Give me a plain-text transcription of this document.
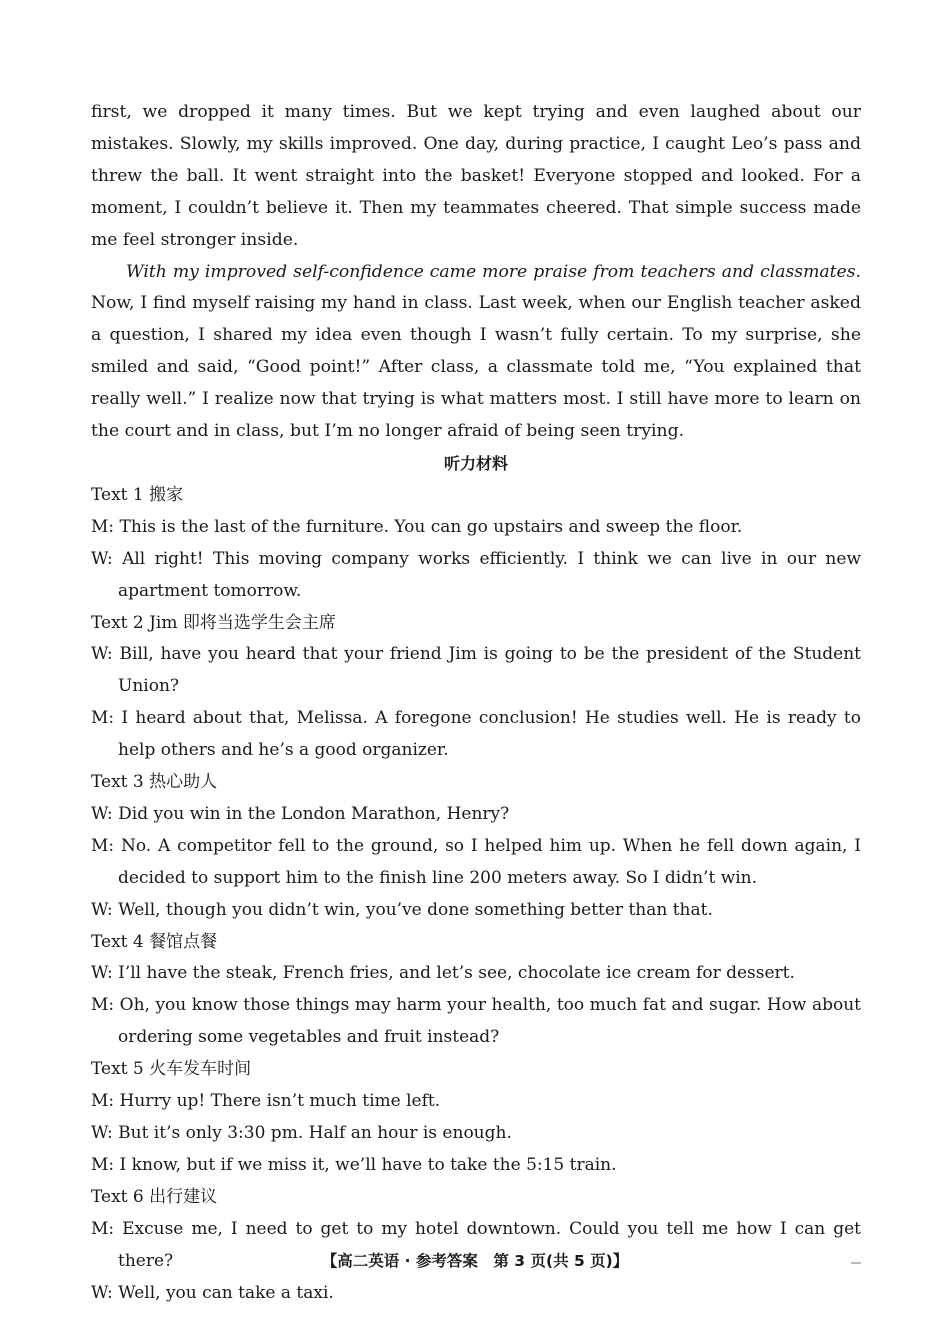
first, we dropped it many times. But we kept trying and even laughed about our mistakes. Slowly, my skills improved. One day, during practice, I caught Leo’s pass and threw the ball. It went straight into the basket! Everyone stopped and looked. For a moment, I couldn’t believe it. Then my teammates cheered. That simple success made me feel stronger inside.

With my improved self-confidence came more praise from teachers and classmates. Now, I find myself raising my hand in class. Last week, when our English teacher asked a question, I shared my idea even though I wasn’t fully certain. To my surprise, she smiled and said, “Good point!” After class, a classmate told me, “You explained that really well.” I realize now that trying is what matters most. I still have more to learn on the court and in class, but I’m no longer afraid of being seen trying.

听力材料

Text 1 搬家

M: This is the last of the furniture. You can go upstairs and sweep the floor.

W: All right! This moving company works efficiently. I think we can live in our new apartment tomorrow.

Text 2 Jim 即将当选学生会主席

W: Bill, have you heard that your friend Jim is going to be the president of the Student Union?

M: I heard about that, Melissa. A foregone conclusion! He studies well. He is ready to help others and he’s a good organizer.

Text 3 热心助人

W: Did you win in the London Marathon, Henry?

M: No. A competitor fell to the ground, so I helped him up. When he fell down again, I decided to support him to the finish line 200 meters away. So I didn’t win.

W: Well, though you didn’t win, you’ve done something better than that.

Text 4 餐馆点餐

W: I’ll have the steak, French fries, and let’s see, chocolate ice cream for dessert.

M: Oh, you know those things may harm your health, too much fat and sugar. How about ordering some vegetables and fruit instead?

Text 5 火车发车时间

M: Hurry up! There isn’t much time left.

W: But it’s only 3:30 pm. Half an hour is enough.

M: I know, but if we miss it, we’ll have to take the 5:15 train.

Text 6 出行建议

M: Excuse me, I need to get to my hotel downtown. Could you tell me how I can get there?

W: Well, you can take a taxi.

【高二英语 · 参考答案　第 3 页(共 5 页)】
